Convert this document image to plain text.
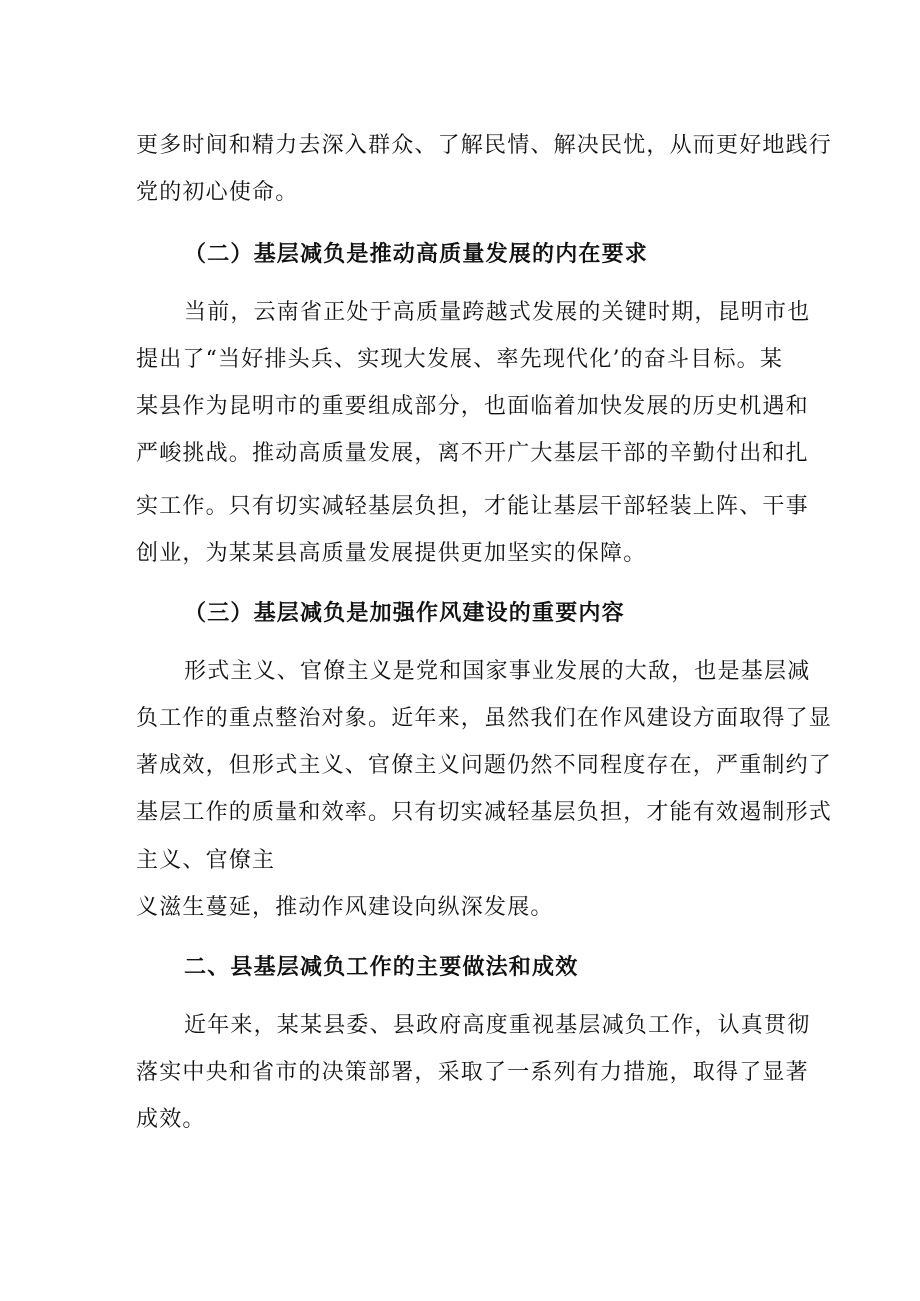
更多时间和精力去深入群众、了解民情、解决民忧，从而更好地践行
党的初心使命。
（二）基层减负是推动高质量发展的内在要求
当前，云南省正处于高质量跨越式发展的关键时期，昆明市也
提出了“当好排头兵、实现大发展、率先现代化’的奋斗目标。某
某县作为昆明市的重要组成部分，也面临着加快发展的历史机遇和
严峻挑战。推动高质量发展，离不开广大基层干部的辛勤付出和扎
实工作。只有切实减轻基层负担，才能让基层干部轻装上阵、干事
创业，为某某县高质量发展提供更加坚实的保障。
（三）基层减负是加强作风建设的重要内容
形式主义、官僚主义是党和国家事业发展的大敌，也是基层减
负工作的重点整治对象。近年来，虽然我们在作风建设方面取得了显
著成效，但形式主义、官僚主义问题仍然不同程度存在，严重制约了
基层工作的质量和效率。只有切实减轻基层负担，才能有效遏制形式
主义、官僚主
义滋生蔓延，推动作风建设向纵深发展。
二、县基层减负工作的主要做法和成效
近年来，某某县委、县政府高度重视基层减负工作，认真贯彻
落实中央和省市的决策部署，采取了一系列有力措施，取得了显著
成效。
